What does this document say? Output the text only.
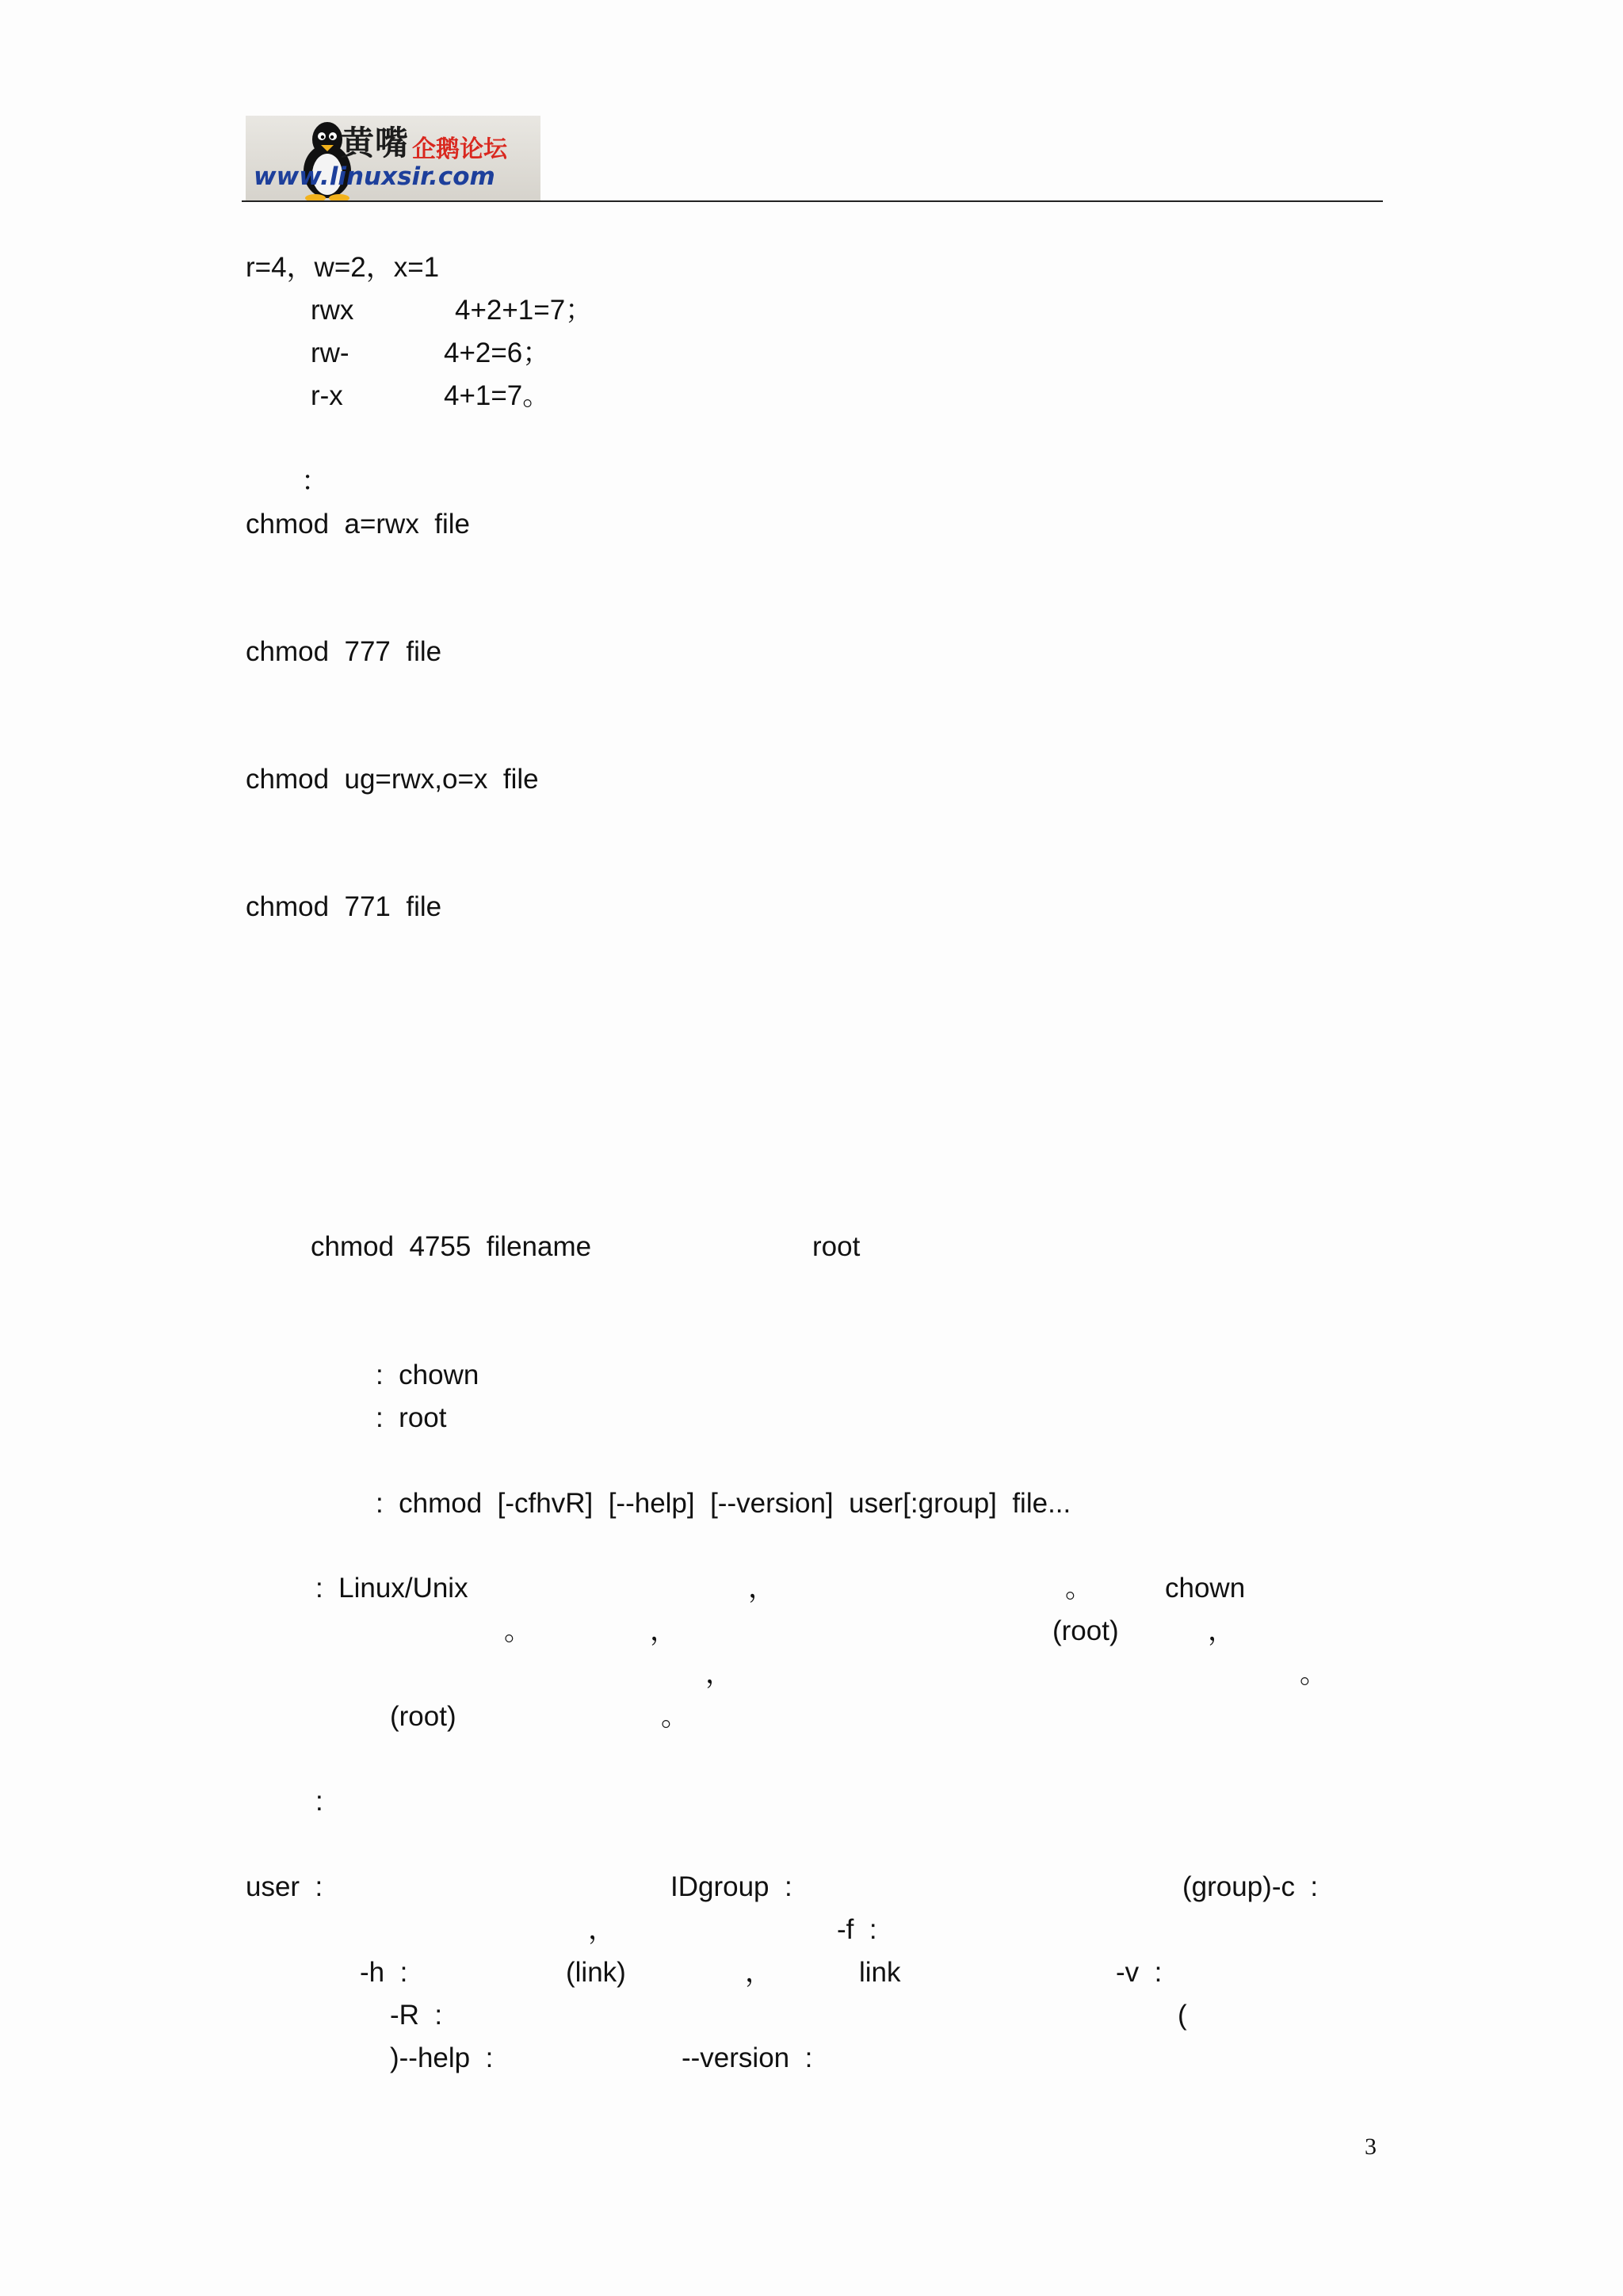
黄嘴 企鹅论坛
www.linuxsir.com
r=4，w=2，x=1
rwx	4+2+1=7；
rw-	4+2=6；
r-x	4+1=7。
：
chmod  a=rwx  file
chmod  777  file
chmod  ug=rwx,o=x  file
chmod  771  file
chmod  4755  filename	root
:  chown
:  root
:  chmod  [-cfhvR]  [--help]  [--version]  user[:group]  file...
:  Linux/Unix	，	。	chown
。	，	(root)	，
，	。
(root)	。
:
user  :	IDgroup  :	(group)-c  :
，	-f  :
-h  :	(link)	，	link	-v  :
-R  :	(
)--help  :	--version  :
3
